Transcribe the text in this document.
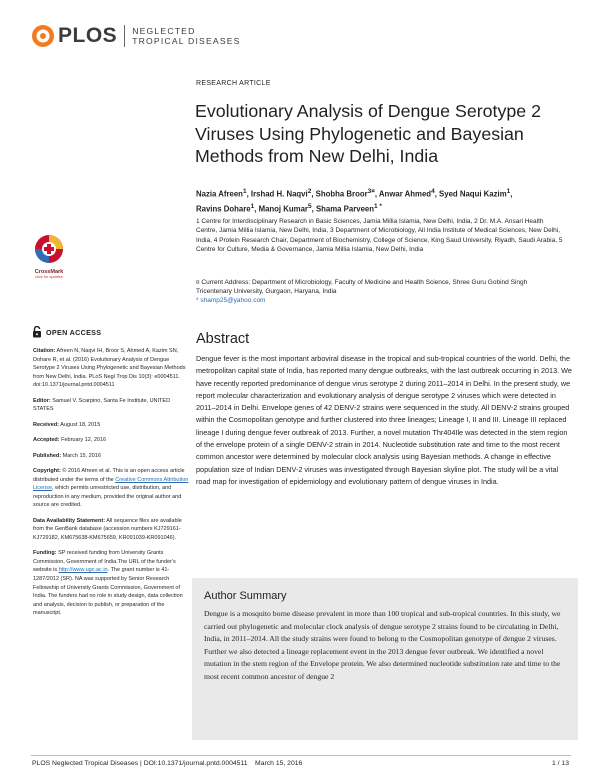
PLOS NEGLECTED
TROPICAL DISEASES
RESEARCH ARTICLE
Evolutionary Analysis of Dengue Serotype 2 Viruses Using Phylogenetic and Bayesian Methods from New Delhi, India
Nazia Afreen$^1$, Irshad H. Naqvi$^2$, Shobha Broor$^{3¤}$, Anwar Ahmed$^4$, Syed Naqui Kazim$^1$,
Ravins Dohare$^1$, Manoj Kumar$^5$, Shama Parveen$^{1 *}$
1 Centre for Interdisciplinary Research in Basic Sciences, Jamia Millia Islamia, New Delhi, India, 2 Dr. M.A. Ansari Health Centre, Jamia Millia Islamia, New Delhi, India, 3 Department of Microbiology, All India Institute of Medical Sciences, New Delhi, India, 4 Protein Research Chair, Department of Biochemistry, College of Science, King Saud University, Riyadh, Saudi Arabia, 5 Centre for Culture, Media & Governance, Jamia Millia Islamia, New Delhi, India
¤ Current Address: Department of Microbiology, Faculty of Medicine and Health Science, Shree Guru Gobind Singh Tricentenary University, Gurgaon, Haryana, India
* shamp25@yahoo.com
CrossMark
click for updates
OPEN ACCESS

Citation: Afreen N, Naqvi IH, Broor S, Ahmed A, Kazim SN, Dohare R, et al. (2016) Evolutionary Analysis of Dengue Serotype 2 Viruses Using Phylogenetic and Bayesian Methods from New Delhi, India. PLoS Negl Trop Dis 10(3): e0004511. doi:10.1371/journal.pntd.0004511

Editor: Samuel V. Scarpino, Santa Fe Institute, UNITED STATES

Received: August 18, 2015

Accepted: February 12, 2016

Published: March 15, 2016

Copyright: © 2016 Afreen et al. This is an open access article distributed under the terms of the Creative Commons Attribution License, which permits unrestricted use, distribution, and reproduction in any medium, provided the original author and source are credited.

Data Availability Statement: All sequence files are available from the GenBank database (accession numbers KJ729161-KJ729182, KM675638-KM675659, KR091039-KR091046).

Funding: SP received funding from University Grants Commission, Government of India.The URL of the funder's website is http://www.ugc.ac.in. The grant number is 41-1287/2012 (SR). NA was supported by Senior Research Fellowship of University Grants Commission, Government of India. The funders had no role in study design, data collection and analysis, decision to publish, or preparation of the manuscript.

Abstract
Dengue fever is the most important arboviral disease in the tropical and sub-tropical countries of the world. Delhi, the metropolitan capital state of India, has reported many dengue outbreaks, with the last outbreak occurring in 2013. We have recently reported predominance of dengue virus serotype 2 during 2011–2014 in Delhi. In the present study, we report molecular characterization and evolutionary analysis of dengue serotype 2 viruses which were detected in 2011–2014 in Delhi. Envelope genes of 42 DENV-2 strains were sequenced in the study. All DENV-2 strains grouped within the Cosmopolitan genotype and further clustered into three lineages; Lineage I, II and III. Lineage III replaced lineage I during dengue fever outbreak of 2013. Further, a novel mutation Thr404Ile was detected in the stem region of the envelope protein of a single DENV-2 strain in 2014. Nucleotide substitution rate and time to the most recent common ancestor were determined by molecular clock analysis using Bayesian methods. A change in effective population size of Indian DENV-2 viruses was investigated through Bayesian skyline plot. The study will be a vital road map for investigation of epidemiology and evolutionary pattern of dengue viruses in India.
Author Summary
Dengue is a mosquito borne disease prevalent in more than 100 tropical and sub-tropical countries. In this study, we carried out phylogenetic and molecular clock analysis of dengue serotype 2 strains found to be circulating in Delhi, India, in 2011–2014. All the study strains were found to belong to the Cosmopolitan genotype of dengue 2 viruses. Further we also detected a lineage replacement event in the 2013 dengue fever outbreak. We identified a novel mutation in the stem region of the Envelope protein. We also determined nucleotide substitution rate and time to the most recent common ancestor of dengue 2
PLOS Neglected Tropical Diseases | DOI:10.1371/journal.pntd.0004511    March 15, 2016	1 / 13
